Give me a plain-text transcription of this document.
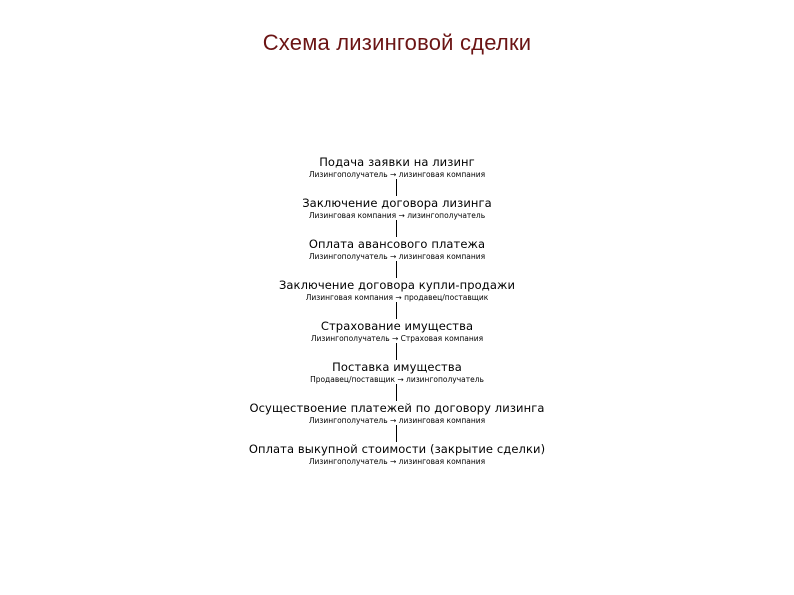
Схема лизинговой сделки
Подача заявки на лизинг
Лизингополучатель → лизинговая компания
Заключение договора лизинга
Лизинговая компания → лизингополучатель
Оплата авансового платежа
Лизингополучатель → лизинговая компания
Заключение договора купли-продажи
Лизинговая компания → продавец/поставщик
Страхование имущества
Лизингополучатель → Страховая компания
Поставка имущества
Продавец/поставщик → лизингополучатель
Осуществоение платежей по договору лизинга
Лизингополучатель → лизинговая компания
Оплата выкупной стоимости (закрытие сделки)
Лизингополучатель → лизинговая компания
